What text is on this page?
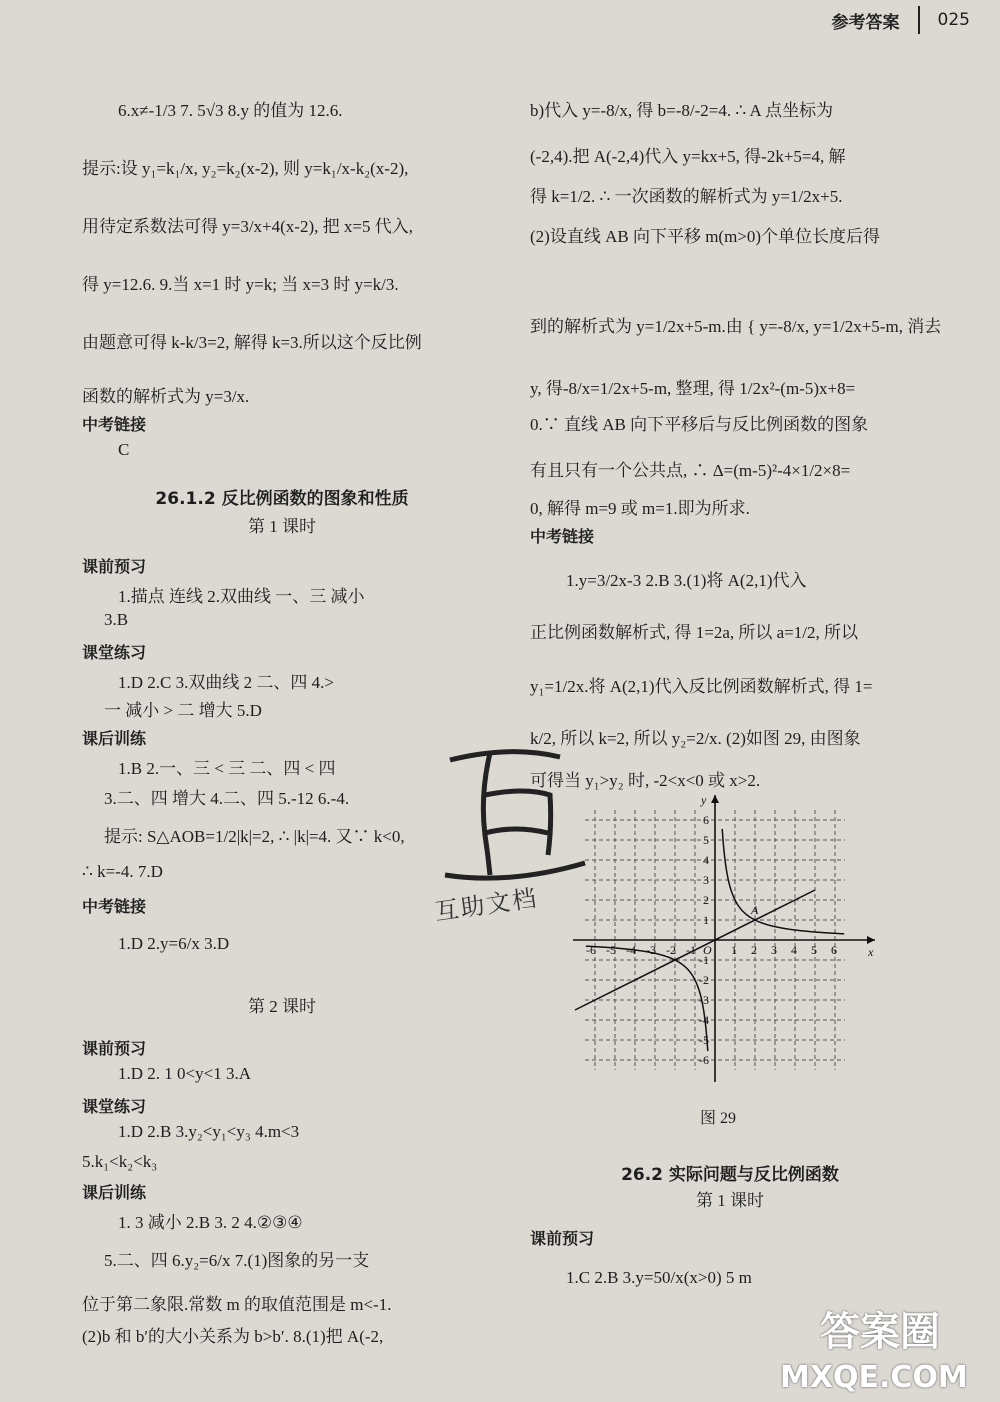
参考答案 025
6.x≠-1/3 7. 5√3 8.y 的值为 12.6.
提示:设 y₁=k₁/x, y₂=k₂(x-2), 则 y=k₁/x-k₂(x-2),
用待定系数法可得 y=3/x+4(x-2), 把 x=5 代入,
得 y=12.6. 9.当 x=1 时 y=k; 当 x=3 时 y=k/3.
由题意可得 k-k/3=2, 解得 k=3.所以这个反比例
函数的解析式为 y=3/x.
中考链接
C
26.1.2 反比例函数的图象和性质
第 1 课时
课前预习
1.描点 连线 2.双曲线 一、三 减小
3.B
课堂练习
1.D 2.C 3.双曲线 2 二、四 4.>
一 减小 > 二 增大 5.D
课后训练
1.B 2.一、三 < 三 二、四 < 四
3.二、四 增大 4.二、四 5.-12 6.-4.
提示: S△AOB=1/2|k|=2, ∴ |k|=4. 又∵ k<0,
∴ k=-4. 7.D
中考链接
1.D 2.y=6/x 3.D
第 2 课时
课前预习
1.D 2. 1 0<y<1 3.A
课堂练习
1.D 2.B 3.y₂<y₁<y₃ 4.m<3
5.k₁<k₂<k₃
课后训练
1. 3 减小 2.B 3. 2 4.②③④
5.二、四 6.y₂=6/x 7.(1)图象的另一支
位于第二象限.常数 m 的取值范围是 m<-1.
(2)b 和 b′的大小关系为 b>b′. 8.(1)把 A(-2,
b)代入 y=-8/x, 得 b=-8/-2=4. ∴ A 点坐标为
(-2,4).把 A(-2,4)代入 y=kx+5, 得-2k+5=4, 解
得 k=1/2. ∴ 一次函数的解析式为 y=1/2x+5.
(2)设直线 AB 向下平移 m(m>0)个单位长度后得
到的解析式为 y=1/2x+5-m.由 { y=-8/x, y=1/2x+5-m, 消去
y, 得-8/x=1/2x+5-m, 整理, 得 1/2x²-(m-5)x+8=
0.∵ 直线 AB 向下平移后与反比例函数的图象
有且只有一个公共点, ∴ Δ=(m-5)²-4×1/2×8=
0, 解得 m=9 或 m=1.即为所求.
中考链接
1.y=3/2x-3 2.B 3.(1)将 A(2,1)代入
正比例函数解析式, 得 1=2a, 所以 a=1/2, 所以
y₁=1/2x.将 A(2,1)代入反比例函数解析式, 得 1=
k/2, 所以 k=2, 所以 y₂=2/x. (2)如图 29, 由图象
可得当 y₁>y₂ 时, -2<x<0 或 x>2.
26.2 实际问题与反比例函数
第 1 课时
课前预习
1.C 2.B 3.y=50/x(x>0) 5 m
-6 -5 -4 -3 -2 -1	1 2 3 4 5 6
6
5
4
3
2
1
-1
-2
-3
-4
-5
-6
O	x
y
A
图 29
互助文档
答案圈
MXQE.COM
